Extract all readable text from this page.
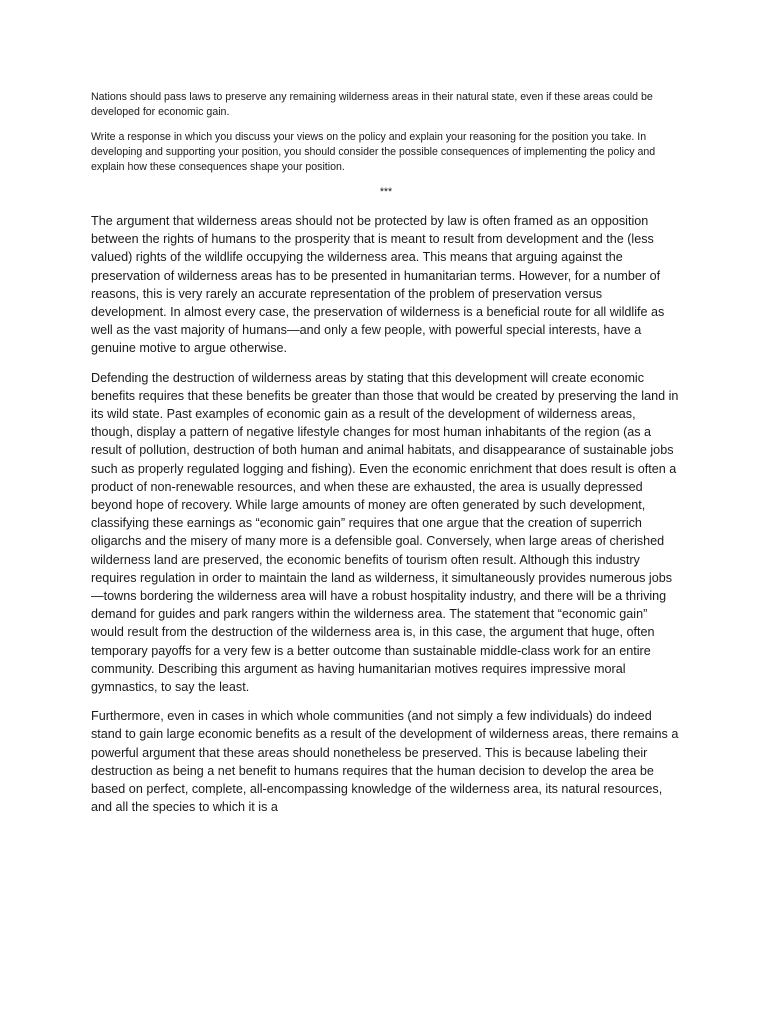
Nations should pass laws to preserve any remaining wilderness areas in their natural state, even if these areas could be developed for economic gain.

Write a response in which you discuss your views on the policy and explain your reasoning for the position you take. In developing and supporting your position, you should consider the possible consequences of implementing the policy and explain how these consequences shape your position.

***

The argument that wilderness areas should not be protected by law is often framed as an opposition between the rights of humans to the prosperity that is meant to result from development and the (less valued) rights of the wildlife occupying the wilderness area. This means that arguing against the preservation of wilderness areas has to be presented in humanitarian terms. However, for a number of reasons, this is very rarely an accurate representation of the problem of preservation versus development. In almost every case, the preservation of wilderness is a beneficial route for all wildlife as well as the vast majority of humans—and only a few people, with powerful special interests, have a genuine motive to argue otherwise.

Defending the destruction of wilderness areas by stating that this development will create economic benefits requires that these benefits be greater than those that would be created by preserving the land in its wild state. Past examples of economic gain as a result of the development of wilderness areas, though, display a pattern of negative lifestyle changes for most human inhabitants of the region (as a result of pollution, destruction of both human and animal habitats, and disappearance of sustainable jobs such as properly regulated logging and fishing). Even the economic enrichment that does result is often a product of non-renewable resources, and when these are exhausted, the area is usually depressed beyond hope of recovery. While large amounts of money are often generated by such development, classifying these earnings as “economic gain” requires that one argue that the creation of superrich oligarchs and the misery of many more is a defensible goal. Conversely, when large areas of cherished wilderness land are preserved, the economic benefits of tourism often result. Although this industry requires regulation in order to maintain the land as wilderness, it simultaneously provides numerous jobs—towns bordering the wilderness area will have a robust hospitality industry, and there will be a thriving demand for guides and park rangers within the wilderness area. The statement that “economic gain” would result from the destruction of the wilderness area is, in this case, the argument that huge, often temporary payoffs for a very few is a better outcome than sustainable middle-class work for an entire community. Describing this argument as having humanitarian motives requires impressive moral gymnastics, to say the least.

Furthermore, even in cases in which whole communities (and not simply a few individuals) do indeed stand to gain large economic benefits as a result of the development of wilderness areas, there remains a powerful argument that these areas should nonetheless be preserved. This is because labeling their destruction as being a net benefit to humans requires that the human decision to develop the area be based on perfect, complete, all-encompassing knowledge of the wilderness area, its natural resources, and all the species to which it is a
